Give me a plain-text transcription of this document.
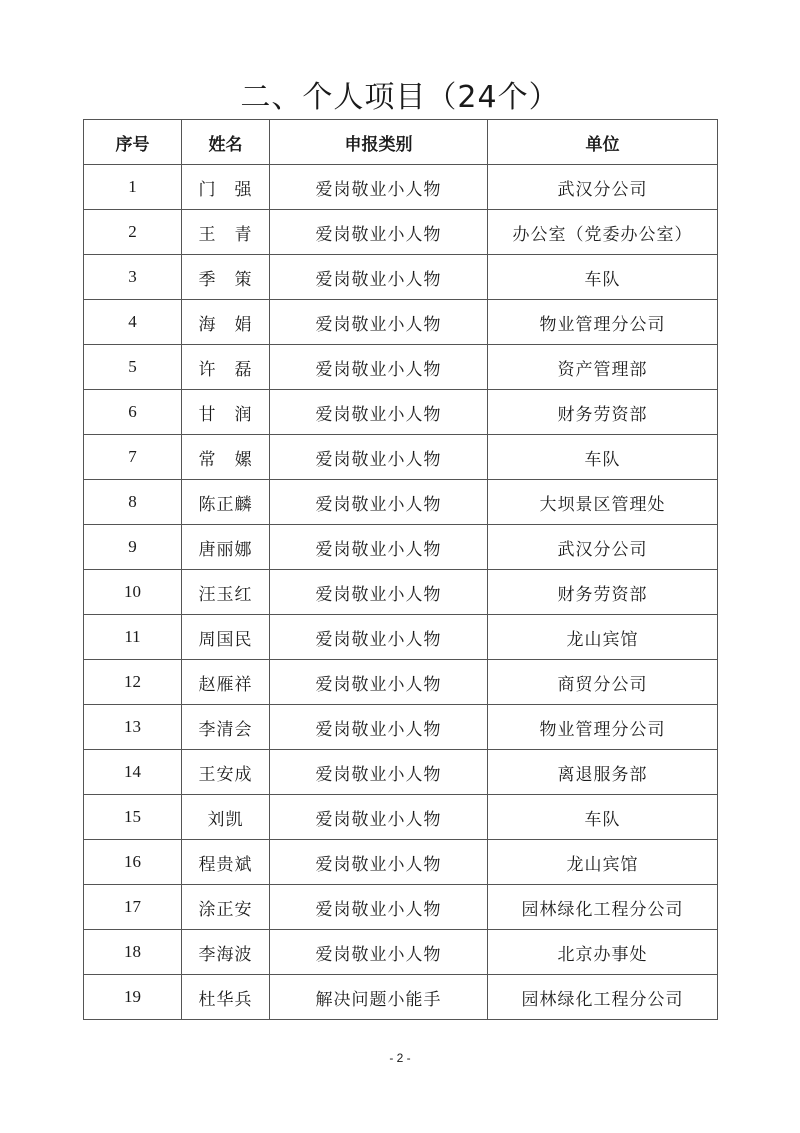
二、个人项目（24个）
序号	姓名	申报类别	单位
1	门　强	爱岗敬业小人物	武汉分公司
2	王　青	爱岗敬业小人物	办公室（党委办公室）
3	季　策	爱岗敬业小人物	车队
4	海　娟	爱岗敬业小人物	物业管理分公司
5	许　磊	爱岗敬业小人物	资产管理部
6	甘　润	爱岗敬业小人物	财务劳资部
7	常　嫘	爱岗敬业小人物	车队
8	陈正麟	爱岗敬业小人物	大坝景区管理处
9	唐丽娜	爱岗敬业小人物	武汉分公司
10	汪玉红	爱岗敬业小人物	财务劳资部
11	周国民	爱岗敬业小人物	龙山宾馆
12	赵雁祥	爱岗敬业小人物	商贸分公司
13	李清会	爱岗敬业小人物	物业管理分公司
14	王安成	爱岗敬业小人物	离退服务部
15	刘凯	爱岗敬业小人物	车队
16	程贵斌	爱岗敬业小人物	龙山宾馆
17	涂正安	爱岗敬业小人物	园林绿化工程分公司
18	李海波	爱岗敬业小人物	北京办事处
19	杜华兵	解决问题小能手	园林绿化工程分公司
- 2 -
